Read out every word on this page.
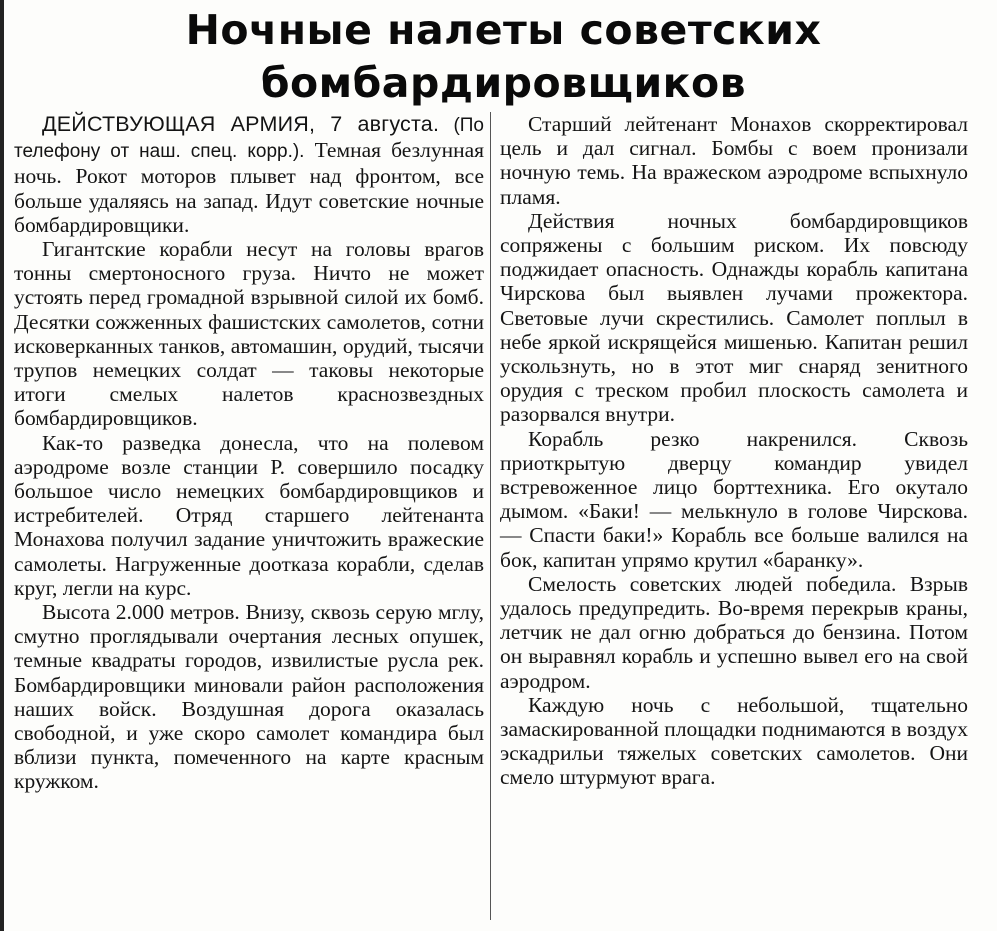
Ночные налеты советских
бомбардировщиков

ДЕЙСТВУЮЩАЯ АРМИЯ, 7 августа. (По телефону от наш. спец. корр.). Темная безлунная ночь. Рокот моторов плывет над фронтом, все больше удаляясь на запад. Идут советские ночные бомбардировщики.

Гигантские корабли несут на головы врагов тонны смертоносного груза. Ничто не может устоять перед громадной взрывной силой их бомб. Десятки сожженных фашистских самолетов, сотни исковерканных танков, автомашин, орудий, тысячи трупов немецких солдат — таковы некоторые итоги смелых налетов краснозвездных бомбардировщиков.

Как-то разведка донесла, что на полевом аэродроме возле станции Р. совершило посадку большое число немецких бомбардировщиков и истребителей. Отряд старшего лейтенанта Монахова получил задание уничтожить вражеские самолеты. Нагруженные доотказа корабли, сделав круг, легли на курс.

Высота 2.000 метров. Внизу, сквозь серую мглу, смутно проглядывали очертания лесных опушек, темные квадраты городов, извилистые русла рек. Бомбардировщики миновали район расположения наших войск. Воздушная дорога оказалась свободной, и уже скоро самолет командира был вблизи пункта, помеченного на карте красным кружком.

Старший лейтенант Монахов скорректировал цель и дал сигнал. Бомбы с воем пронизали ночную темь. На вражеском аэродроме вспыхнуло пламя.

Действия ночных бомбардировщиков сопряжены с большим риском. Их повсюду поджидает опасность. Однажды корабль капитана Чирскова был выявлен лучами прожектора. Световые лучи скрестились. Самолет поплыл в небе яркой искрящейся мишенью. Капитан решил ускользнуть, но в этот миг снаряд зенитного орудия с треском пробил плоскость самолета и разорвался внутри.

Корабль резко накренился. Сквозь приоткрытую дверцу командир увидел встревоженное лицо борттехника. Его окутало дымом. «Баки! — мелькнуло в голове Чирскова. — Спасти баки!» Корабль все больше валился на бок, капитан упрямо крутил «баранку».

Смелость советских людей победила. Взрыв удалось предупредить. Во-время перекрыв краны, летчик не дал огню добраться до бензина. Потом он выравнял корабль и успешно вывел его на свой аэродром.

Каждую ночь с небольшой, тщательно замаскированной площадки поднимаются в воздух эскадрильи тяжелых советских самолетов. Они смело штурмуют врага.
